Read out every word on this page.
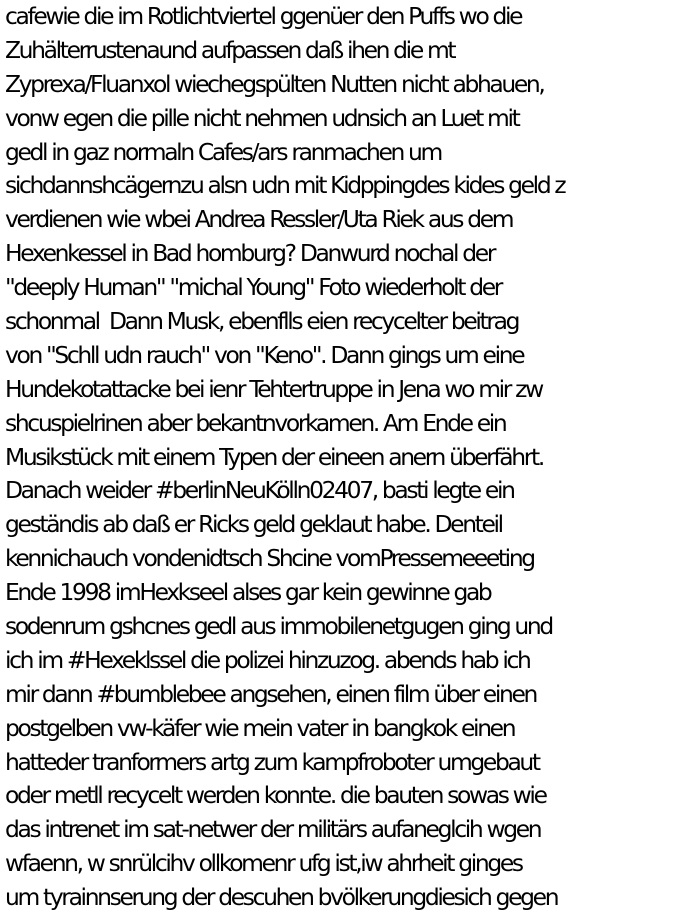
cafewie die im Rotlichtviertel ggenüer den Puffs wo die
Zuhälterrustenaund aufpassen daß ihen die mt
Zyprexa/Fluanxol wiechegspülten Nutten nicht abhauen,
vonw egen die pille nicht nehmen udnsich an Luet mit
gedl in gaz normaln Cafes/ars ranmachen um
sichdannshcägernzu alsn udn mit Kidppingdes kides geld z
verdienen wie wbei Andrea Ressler/Uta Riek aus dem
Hexenkessel in Bad homburg? Danwurd nochal der
"deeply Human" "michal Young" Foto wiederholt der
schonmal  Dann Musk, ebenflls eien recycelter beitrag
von "Schll udn rauch" von "Keno". Dann gings um eine
Hundekotattacke bei ienr Tehtertruppe in Jena wo mir zw
shcuspielrinen aber bekantnvorkamen. Am Ende ein
Musikstück mit einem Typen der eineen anern überfährt.
Danach weider #berlinNeuKölln02407, basti legte ein
geständis ab daß er Ricks geld geklaut habe. Denteil
kennichauch vondenidtsch Shcine vomPressemeeeting
Ende 1998 imHexkseel alses gar kein gewinne gab
sodenrum gshcnes gedl aus immobilenetgugen ging und
ich im #Hexeklssel die polizei hinzuzog. abends hab ich
mir dann #bumblebee angsehen, einen film über einen
postgelben vw-käfer wie mein vater in bangkok einen
hatteder tranformers artg zum kampfroboter umgebaut
oder metll recycelt werden konnte. die bauten sowas wie
das intrenet im sat-netwer der militärs aufaneglcih wgen
wfaenn, w snrülcihv ollkomenr ufg ist,iw ahrheit ginges
um tyrainnserung der descuhen bvölkerungdiesich gegen
